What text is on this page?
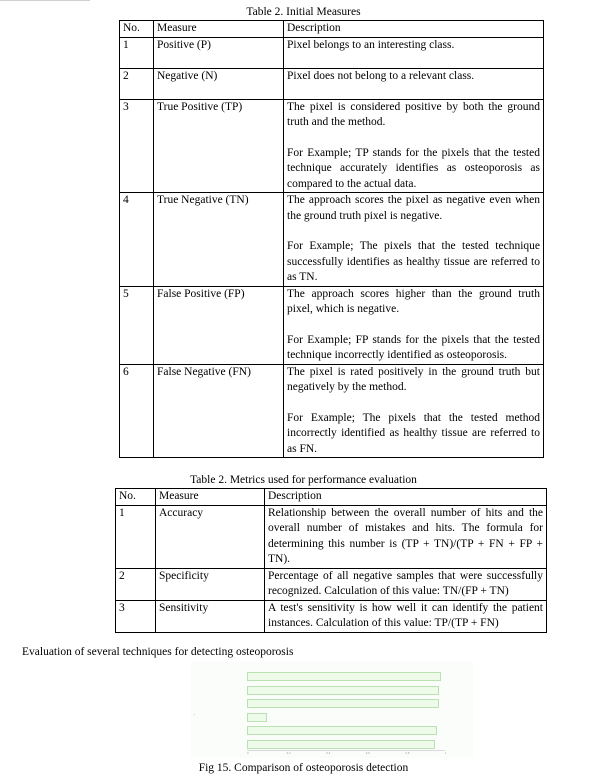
Table 2. Initial Measures
No.	Measure	Description
1	Positive (P)	Pixel belongs to an interesting class.

2	Negative (N)	Pixel does not belong to a relevant class.

3	True Positive (TP)	The pixel is considered positive by both the ground truth and the method.
For Example; TP stands for the pixels that the tested technique accurately identifies as osteoporosis as compared to the actual data.

4	True Negative (TN)	The approach scores the pixel as negative even when the ground truth pixel is negative.
For Example; The pixels that the tested technique successfully identifies as healthy tissue are referred to as TN.

5	False Positive (FP)	The approach scores higher than the ground truth pixel, which is negative.
For Example; FP stands for the pixels that the tested technique incorrectly identified as osteoporosis.

6	False Negative (FN)	The pixel is rated positively in the ground truth but negatively by the method.
For Example; The pixels that the tested method incorrectly identified as healthy tissue are referred to as FN.
Table 2. Metrics used for performance evaluation
No.	Measure	Description
1	Accuracy	Relationship between the overall number of hits and the overall number of mistakes and hits. The formula for determining this number is (TP + TN)/(TP + FN + FP + TN).
2	Specificity	Percentage of all negative samples that were successfully recognized. Calculation of this value: TN/(FP + TN)
3	Sensitivity	A test's sensitivity is how well it can identify the patient instances. Calculation of this value: TP/(TP + FN)
Evaluation of several techniques for detecting osteoporosis
+
0	0.2	0.4	0.6	0.8	1
Fig 15. Comparison of osteoporosis detection
